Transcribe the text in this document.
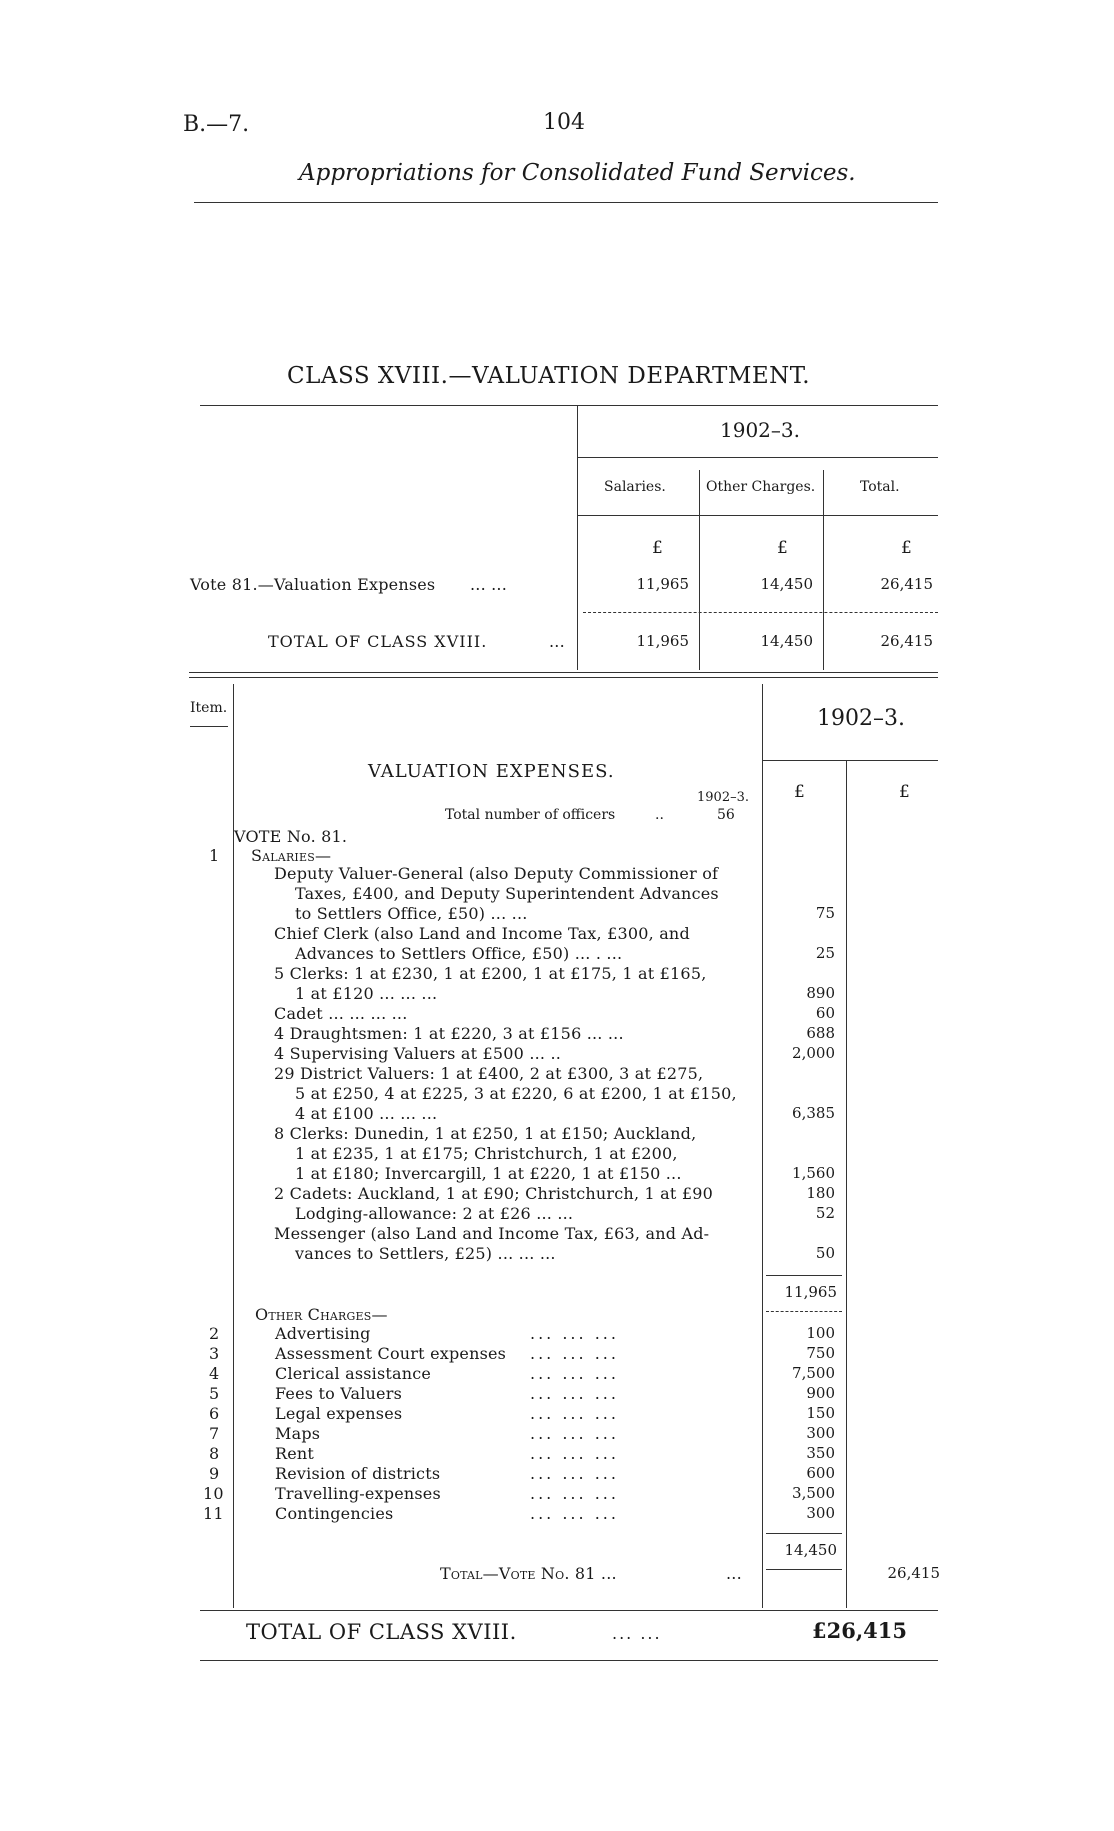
B.—7.	104
Appropriations for Consolidated Fund Services.
CLASS XVIII.—VALUATION DEPARTMENT.
1902–3.
Salaries.	Other Charges.	Total.
£	£	£
Vote 81.—Valuation Expenses ... ...	11,965	14,450	26,415
TOTAL OF CLASS XVIII.	...	11,965	14,450	26,415
Item.	1902–3.
VALUATION EXPENSES.
1902–3.
Total number of officers	..	56
£	£
VOTE No. 81.
1 Salaries—
Deputy Valuer-General (also Deputy Commissioner of
Taxes, £400, and Deputy Superintendent Advances
to Settlers Office, £50) ... ...	75
Chief Clerk (also Land and Income Tax, £300, and
Advances to Settlers Office, £50) ... . ...	25
5 Clerks: 1 at £230, 1 at £200, 1 at £175, 1 at £165,
1 at £120 ... ... ...	890
Cadet ... ... ... ...	60
4 Draughtsmen: 1 at £220, 3 at £156 ... ...	688
4 Supervising Valuers at £500 ... ..	2,000
29 District Valuers: 1 at £400, 2 at £300, 3 at £275,
5 at £250, 4 at £225, 3 at £220, 6 at £200, 1 at £150,
4 at £100 ... ... ...	6,385
8 Clerks: Dunedin, 1 at £250, 1 at £150; Auckland,
1 at £235, 1 at £175; Christchurch, 1 at £200,
1 at £180; Invercargill, 1 at £220, 1 at £150 ...	1,560
2 Cadets: Auckland, 1 at £90; Christchurch, 1 at £90	180
Lodging-allowance: 2 at £26 ... ...	52
Messenger (also Land and Income Tax, £63, and Ad-
vances to Settlers, £25) ... ... ...	50
11,965
Other Charges—
2	Advertising	... ... ...	100
3	Assessment Court expenses ... ... ...	750
4	Clerical assistance	... ... ...	7,500
5	Fees to Valuers	... ... ...	900
6	Legal expenses	... ... ...	150
7	Maps	... ... ...	300
8	Rent	... ... ...	350
9	Revision of districts	... ... ...	600
10	Travelling-expenses	... ... ...	3,500
11	Contingencies	... ... ...	300
14,450
Total—Vote No. 81 ...	...	26,415
TOTAL OF CLASS XVIII.	... ...	£26,415
